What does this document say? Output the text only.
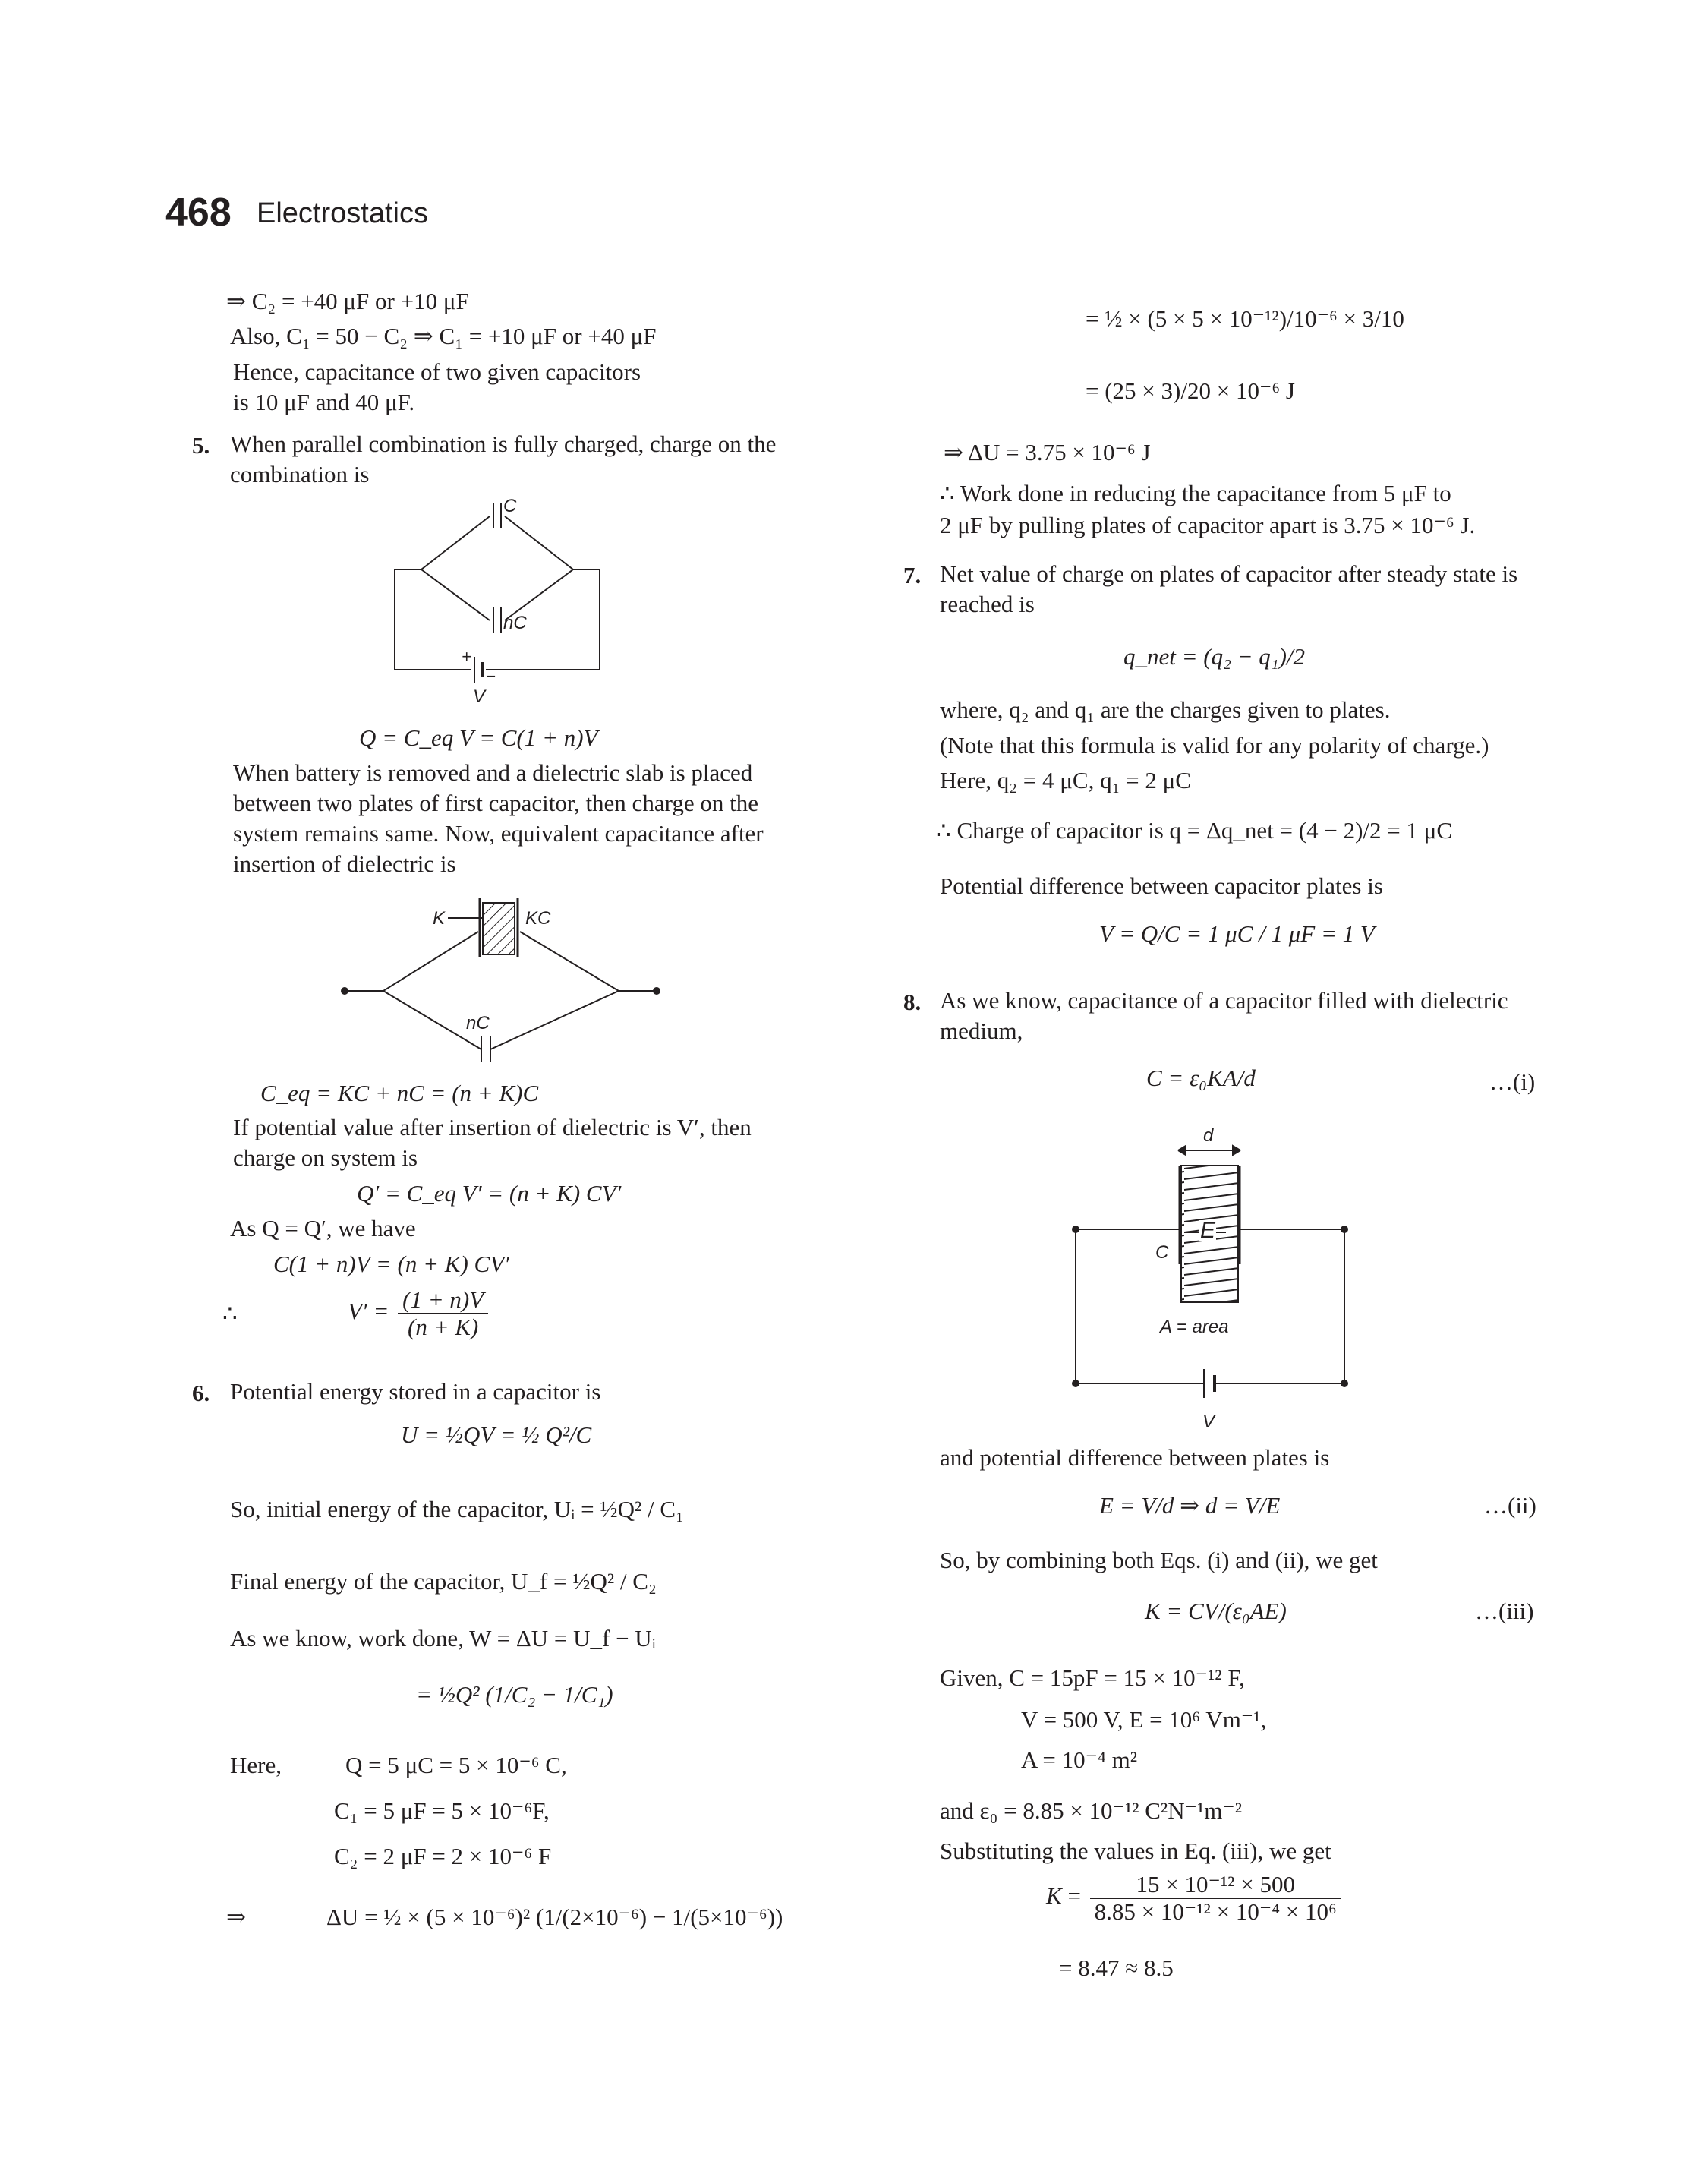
468 Electrostatics
⇒ C₂ = +40 μF or +10 μF
Also, C₁ = 50 − C₂ ⇒ C₁ = +10 μF or +40 μF
Hence, capacitance of two given capacitors
is 10 μF and 40 μF.
5. When parallel combination is fully charged, charge on the
combination is
C
nC
+
−
V
Q = C_eq V = C(1 + n)V
When battery is removed and a dielectric slab is placed
between two plates of first capacitor, then charge on the
system remains same. Now, equivalent capacitance after
insertion of dielectric is
K	KC
nC
C_eq = KC + nC = (n + K)C
If potential value after insertion of dielectric is V′, then
charge on system is
Q′ = C_eq V′ = (n + K) CV′
As Q = Q′, we have
C(1 + n)V = (n + K) CV′
∴	$V' = \frac{(1 + n)V}{(n + K)}$
6. Potential energy stored in a capacitor is
U = ½QV = ½ Q²/C
So, initial energy of the capacitor, Uᵢ = ½Q² / C₁
Final energy of the capacitor, U_f = ½Q² / C₂
As we know, work done, W = ΔU = U_f − Uᵢ
= ½Q² (1/C₂ − 1/C₁)
Here,	Q = 5 μC = 5 × 10⁻⁶ C,
C₁ = 5 μF = 5 × 10⁻⁶F,
C₂ = 2 μF = 2 × 10⁻⁶ F
⇒	ΔU = ½ × (5 × 10⁻⁶)² (1/(2×10⁻⁶) − 1/(5×10⁻⁶))
= ½ × (5 × 5 × 10⁻¹²)/10⁻⁶ × 3/10
= (25 × 3)/20 × 10⁻⁶ J
⇒ ΔU = 3.75 × 10⁻⁶ J
∴ Work done in reducing the capacitance from 5 μF to
2 μF by pulling plates of capacitor apart is 3.75 × 10⁻⁶ J.
7. Net value of charge on plates of capacitor after steady state is
reached is
q_net = (q₂ − q₁)/2
where, q₂ and q₁ are the charges given to plates.
(Note that this formula is valid for any polarity of charge.)
Here, q₂ = 4 μC, q₁ = 2 μC
∴ Charge of capacitor is q = Δq_net = (4 − 2)/2 = 1 μC
Potential difference between capacitor plates is
V = Q/C = 1 μC / 1 μF = 1 V
8. As we know, capacitance of a capacitor filled with dielectric
medium,
C = ε₀KA/d	…(i)
d
E
C
A = area
V
and potential difference between plates is
E = V/d ⇒ d = V/E	…(ii)
So, by combining both Eqs. (i) and (ii), we get
K = CV/(ε₀AE)	…(iii)
Given, C = 15pF = 15 × 10⁻¹² F,
V = 500 V, E = 10⁶ Vm⁻¹,
A = 10⁻⁴ m²
and ε₀ = 8.85 × 10⁻¹² C²N⁻¹m⁻²
Substituting the values in Eq. (iii), we get
$K = \frac{\text{15 × 10⁻¹² × 500}}{\text{8.85 × 10⁻¹² × 10⁻⁴ × 10⁶}}$
= 8.47 ≈ 8.5
